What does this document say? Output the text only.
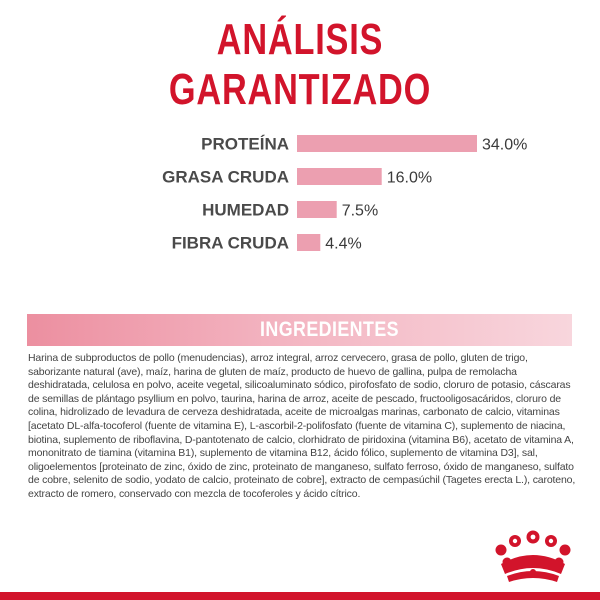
ANÁLISIS
GARANTIZADO
PROTEÍNA	34.0%
GRASA CRUDA	16.0%
HUMEDAD	7.5%
FIBRA CRUDA 4.4%
INGREDIENTES
Harina de subproductos de pollo (menudencias), arroz integral, arroz cervecero, grasa de pollo, gluten de trigo, saborizante natural (ave), maíz, harina de gluten de maíz, producto de huevo de gallina, pulpa de remolacha deshidratada, celulosa en polvo, aceite vegetal, silicoaluminato sódico, pirofosfato de sodio, cloruro de potasio, cáscaras de semillas de plántago psyllium en polvo, taurina, harina de arroz, aceite de pescado, fructooligosacáridos, cloruro de colina, hidrolizado de levadura de cerveza deshidratada, aceite de microalgas marinas, carbonato de calcio, vitaminas [acetato DL-alfa-tocoferol (fuente de vitamina E), L-ascorbil-2-polifosfato (fuente de vitamina C), suplemento de niacina, biotina, suplemento de riboflavina, D-pantotenato de calcio, clorhidrato de piridoxina (vitamina B6), acetato de vitamina A, mononitrato de tiamina (vitamina B1), suplemento de vitamina B12, ácido fólico, suplemento de vitamina D3], sal, oligoelementos [proteinato de zinc, óxido de zinc, proteinato de manganeso, sulfato ferroso, óxido de manganeso, sulfato de cobre, selenito de sodio, yodato de calcio, proteinato de cobre], extracto de cempasúchil (Tagetes erecta L.), caroteno, extracto de romero, conservado con mezcla de tocoferoles y ácido cítrico.
